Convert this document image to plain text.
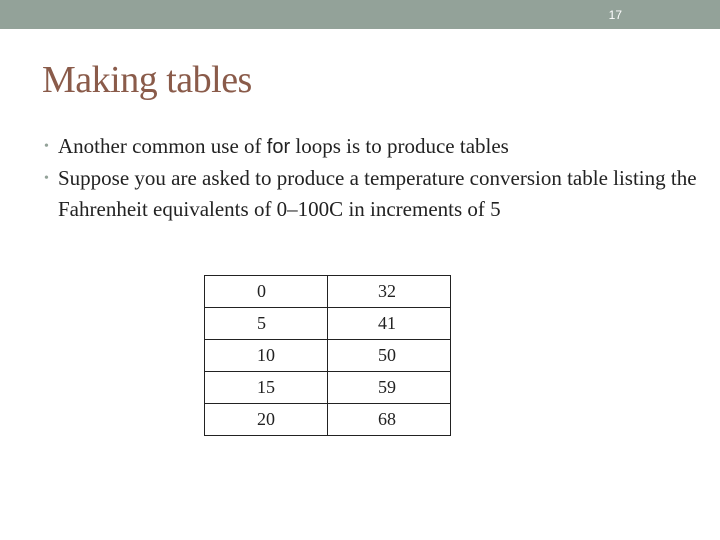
17
Making tables
• Another common use of for loops is to produce tables
• Suppose you are asked to produce a temperature conversion table listing the Fahrenheit equivalents of 0–100C in increments of 5
0	32
5	41
10	50
15	59
20	68
